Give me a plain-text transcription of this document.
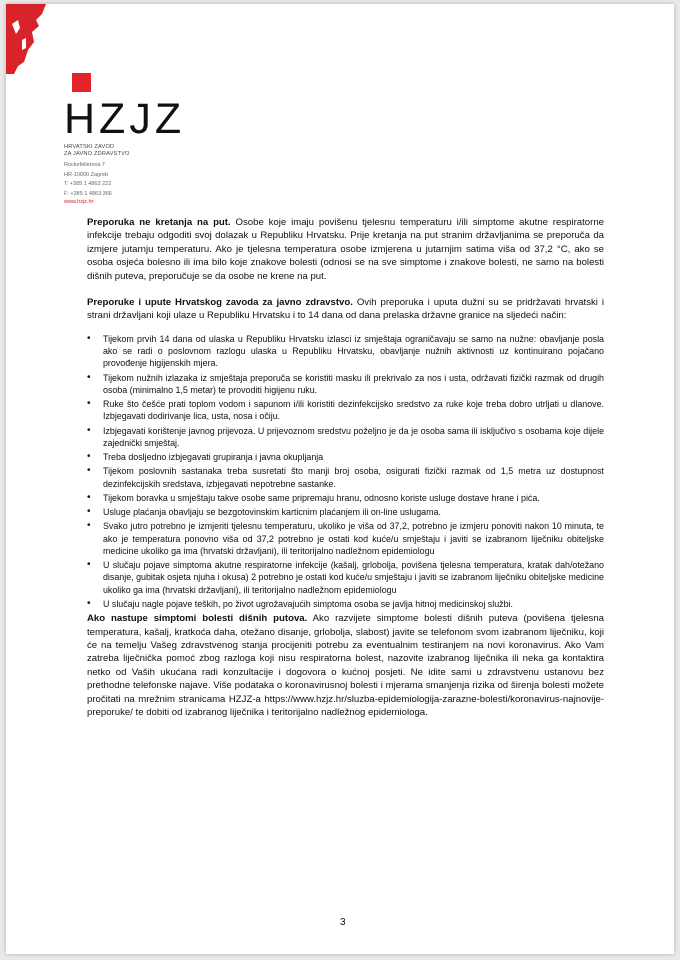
HZJZ
HRVATSKI ZAVOD
ZA JAVNO ZDRAVSTVO
Rockefellerova 7
HR-10000 Zagreb
T: +385 1 4863 222
F: +385 1 4863 366
www.hzjz.hr

Preporuka ne kretanja na put. Osobe koje imaju povišenu tjelesnu temperaturu i/ili simptome akutne respiratorne infekcije trebaju odgoditi svoj dolazak u Republiku Hrvatsku. Prije kretanja na put stranim državljanima se preporuča da izmjere jutarnju temperaturu. Ako je tjelesna temperatura osobe izmjerena u jutarnjim satima viša od 37,2 °C, ako se osoba osjeća bolesno ili ima bilo koje znakove bolesti (odnosi se na sve simptome i znakove bolesti, ne samo na bolesti dišnih puteva, preporučuje se da osobe ne krene na put.

Preporuke i upute Hrvatskog zavoda za javno zdravstvo. Ovih preporuka i uputa dužni su se pridržavati hrvatski i strani državljani koji ulaze u Republiku Hrvatsku i to 14 dana od dana prelaska državne granice na sljedeći način:

• Tijekom prvih 14 dana od ulaska u Republiku Hrvatsku izlasci iz smještaja ograničavaju se samo na nužne: obavljanje posla ako se radi o poslovnom razlogu ulaska u Republiku Hrvatsku, obavljanje nužnih aktivnosti uz kontinuirano pojačano provođenje higijenskih mjera.
• Tijekom nužnih izlazaka iz smještaja preporuča se koristiti masku ili prekrivalo za nos i usta, održavati fizički razmak od drugih osoba (minimalno 1,5 metar) te provoditi higijenu ruku.
• Ruke što češće prati toplom vodom i sapunom i/ili koristiti dezinfekcijsko sredstvo za ruke koje treba dobro utrljati u dlanove. Izbjegavati dodirivanje lica, usta, nosa i očiju.
• Izbjegavati korištenje javnog prijevoza. U prijevoznom sredstvu poželjno je da je osoba sama ili isključivo s osobama koje dijele zajednički smještaj.
• Treba dosljedno izbjegavati grupiranja i javna okupljanja
• Tijekom poslovnih sastanaka treba susretati što manji broj osoba, osigurati fizički razmak od 1,5 metra uz dostupnost dezinfekcijskih sredstava, izbjegavati nepotrebne sastanke.
• Tijekom boravka u smještaju takve osobe same pripremaju hranu, odnosno koriste usluge dostave hrane i pića.
• Usluge plaćanja obavljaju se bezgotovinskim karticnim plaćanjem ili on-line uslugama.
• Svako jutro potrebno je izmjeriti tjelesnu temperaturu, ukoliko je viša od 37,2, potrebno je izmjeru ponoviti nakon 10 minuta, te ako je temperatura ponovno viša od 37,2 potrebno je ostati kod kuće/u smještaju i javiti se izabranom liječniku obiteljske medicine ukoliko ga ima (hrvatski državljani), ili teritorijalno nadležnom epidemiologu
• U slučaju pojave simptoma akutne respiratorne infekcije (kašalj, grlobolja, povišena tjelesna temperatura, kratak dah/otežano disanje, gubitak osjeta njuha i okusa) 2 potrebno je ostati kod kuće/u smještaju i javiti se izabranom liječniku obiteljske medicine ukoliko ga ima (hrvatski državljani), ili teritorijalno nadležnom epidemiologu
• U slučaju nagle pojave teških, po život ugrožavajućih simptoma osoba se javlja hitnoj medicinskoj službi.

Ako nastupe simptomi bolesti dišnih putova. Ako razvijete simptome bolesti dišnih puteva (povišena tjelesna temperatura, kašalj, kratkoća daha, otežano disanje, grlobolja, slabost) javite se telefonom svom izabranom liječniku, koji će na temelju Vašeg zdravstvenog stanja procijeniti potrebu za eventualnim testiranjem na novi koronavirus. Ako Vam zatreba liječnička pomoć zbog razloga koji nisu respiratorna bolest, nazovite izabranog liječnika ili neka ga kontaktira netko od Vaših ukućana radi konzultacije i dogovora o kućnoj posjeti. Ne idite sami u zdravstvenu ustanovu bez prethodne telefonske najave. Više podataka o koronavirusnoj bolesti i mjerama smanjenja rizika od širenja bolesti možete pročitati na mrežnim stranicama HZJZ-a https://www.hzjz.hr/sluzba-epidemiologija-zarazne-bolesti/koronavirus-najnovije-preporuke/ te dobiti od izabranog liječnika i teritorijalno nadležnog epidemiologa.

3
